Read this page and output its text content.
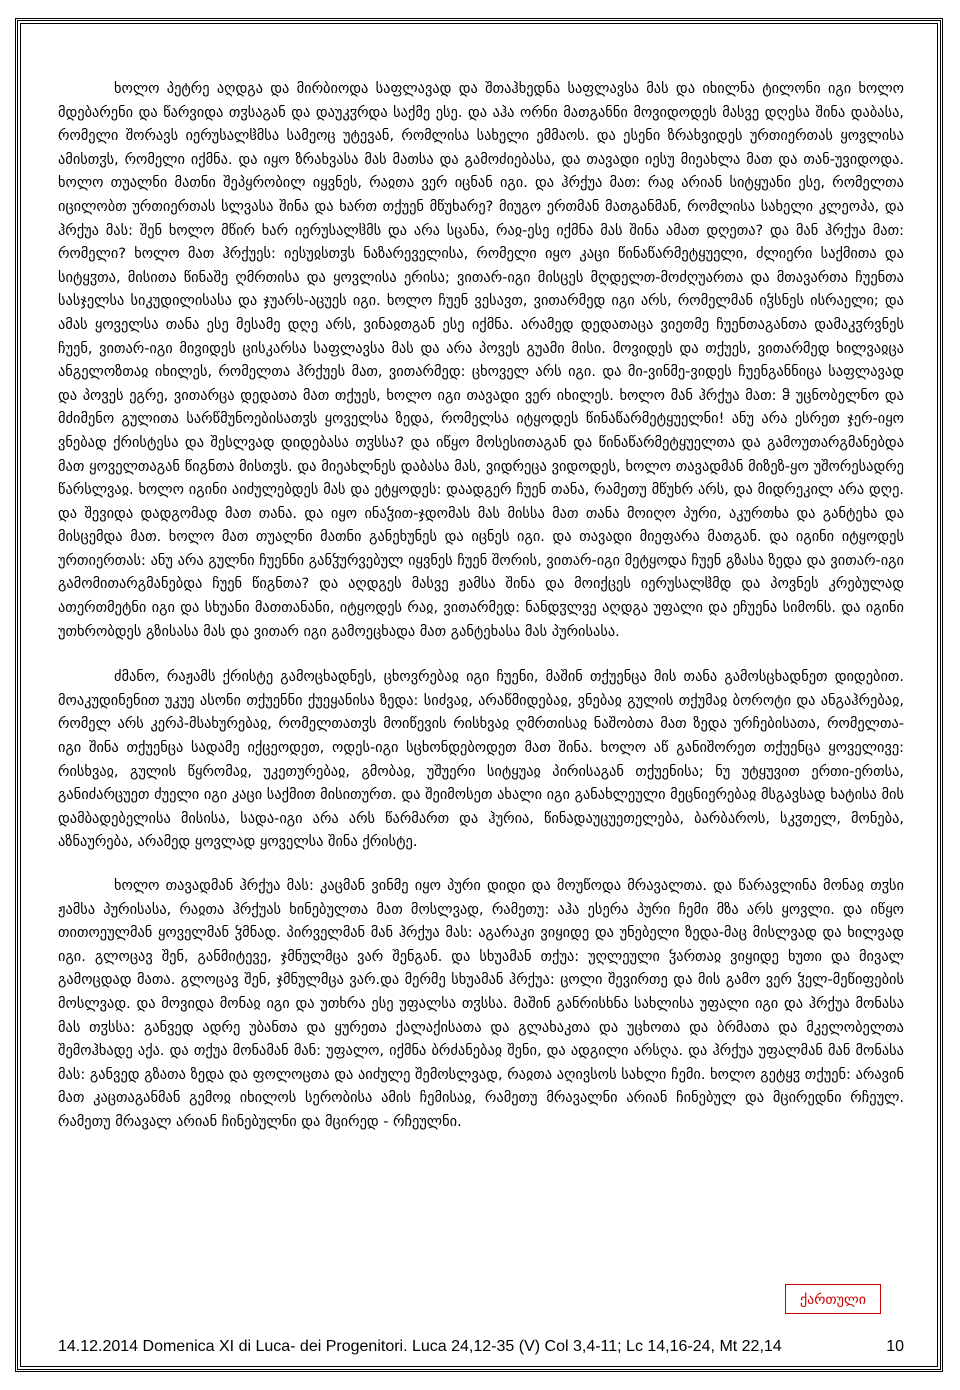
ხოლო პეტრე აღდგა და მირბიოდა საფლავად და შთაჰხედნა საფლავსა მას და იხილნა ტილონი იგი ხოლო მდებარენი და წარვიდა თჳსაგან და დაუკჳრდა საქმე ესე. და აჰა ორნი მათგანნი მოვიდოდეს მასვე დღესა შინა დაბასა, რომელი შორავს იერუსალჱმსა სამეოც უტევან, რომლისა სახელი ემმაოს. და ესენი ზრახვიდეს ურთიერთას ყოვლისა ამისთჳს, რომელი იქმნა. და იყო ზრახვასა მას მათსა და გამოძიებასა, და თავადი იესუ მიეახლა მათ და თან-უვიდოდა. ხოლო თუალნი მათნი შეპყრობილ იყვნეს, რაჲთა ვერ იცნან იგი. და ჰრქუა მათ: რაჲ არიან სიტყუანი ესე, რომელთა იცილობთ ურთიერთას სლვასა შინა და ხართ თქუენ მწუხარე? მიუგო ერთმან მათგანმან, რომლისა სახელი კლეოპა, და ჰრქუა მას: შენ ხოლო მწირ ხარ იერუსალჱმს და არა სცანა, რაჲ-ესე იქმნა მას შინა ამათ დღეთა? და მან ჰრქუა მათ: რომელი? ხოლო მათ ჰრქუეს: იესუჲსთჳს ნაზარეველისა, რომელი იყო კაცი წინაწარმეტყუელი, ძლიერი საქმითა და სიტყჳთა, მისითა წინაშე ღმრთისა და ყოვლისა ერისა; ვითარ-იგი მისცეს მღდელთ-მოძღუართა და მთავართა ჩუენთა სასჯელსა სიკუდილისასა და ჯუარს-აცუეს იგი. ხოლო ჩუენ ვესავთ, ვითარმედ იგი არს, რომელმან იჴსნეს ისრაელი; და ამას ყოველსა თანა ესე მესამე დღე არს, ვინაჲთგან ესე იქმნა. არამედ დედათაცა ვიეთმე ჩუენთაგანთა დამაკჳრვნეს ჩუენ, ვითარ-იგი მივიდეს ცისკარსა საფლავსა მას და არა პოვეს გუამი მისი. მოვიდეს და თქუეს, ვითარმედ ხილვაჲცა ანგელოზთაჲ იხილეს, რომელთა ჰრქუეს მათ, ვითარმედ: ცხოველ არს იგი. და მი-ვინმე-ვიდეს ჩუენგანნიცა საფლავად და პოვეს ეგრე, ვითარცა დედათა მათ თქუეს, ხოლო იგი თავადი ვერ იხილეს. ხოლო მან ჰრქუა მათ: ჵ უცნობელნო და მძიმენო გულითა სარწმუნოებისათჳს ყოველსა ზედა, რომელსა იტყოდეს წინაწარმეტყუელნი! ანუ არა ესრეთ ჯერ-იყო ვნებად ქრისტესა და შესლვად დიდებასა თჳსსა? და იწყო მოსესითაგან და წინაწარმეტყუელთა და გამოუთარგმანებდა მათ ყოველთაგან წიგნთა მისთჳს. და მიეახლნეს დაბასა მას, ვიდრეცა ვიდოდეს, ხოლო თავადმან მიზეზ-ყო უშორესადრე წარსლვაჲ. ხოლო იგინი აიძულებდეს მას და ეტყოდეს: დაადგერ ჩუენ თანა, რამეთუ მწუხრ არს, და მიდრეკილ არა დღე. და შევიდა დადგომად მათ თანა. და იყო ინაჴით-ჯდომას მას მისსა მათ თანა მოიღო პური, აკურთხა და განტეხა და მისცემდა მათ. ხოლო მათ თუალნი მათნი განეხუნეს და იცნეს იგი. და თავადი მიეფარა მათგან. და იგინი იტყოდეს ურთიერთას: ანუ არა გულნი ჩუენნი განჴურვებულ იყვნეს ჩუენ შორის, ვითარ-იგი მეტყოდა ჩუენ გზასა ზედა და ვითარ-იგი გამომითარგმანებდა ჩუენ წიგნთა? და აღდგეს მასვე ჟამსა შინა და მოიქცეს იერუსალჱმდ და პოვნეს კრებულად ათერთმეტნი იგი და სხუანი მათთანანი, იტყოდეს რაჲ, ვითარმედ: ნანდჳლვე აღდგა უფალი და ეჩუენა სიმონს. და იგინი უთხრობდეს გზისასა მას და ვითარ იგი გამოეცხადა მათ განტეხასა მას პურისასა.

ძმანო, რაჟამს ქრისტე გამოცხადნეს, ცხოვრებაჲ იგი ჩუენი, მაშინ თქუენცა მის თანა გამოსცხადნეთ დიდებით. მოაკუდინენით უკუე ასონი თქუენნი ქუეყანისა ზედა: სიძვაჲ, არაწმიდებაჲ, ვნებაჲ გულის თქუმაჲ ბოროტი და ანგაჰრებაჲ, რომელ არს კერპ-მსახურებაჲ, რომელთათჳს მოიწევის რისხვაჲ ღმრთისაჲ ნაშობთა მათ ზედა ურჩებისათა, რომელთა-იგი შინა თქუენცა სადამე იქცეოდეთ, ოდეს-იგი სცხონდებოდეთ მათ შინა. ხოლო აწ განიშორეთ თქუენცა ყოველივე: რისხვაჲ, გულის წყრომაჲ, უკეთურებაჲ, გმობაჲ, უშუერი სიტყუაჲ პირისაგან თქუენისა; ნუ უტყუვით ერთი-ერთსა, განიძარცუეთ ძუელი იგი კაცი საქმით მისითურთ. და შეიმოსეთ ახალი იგი განახლეული მეცნიერებაჲ მსგავსად ხატისა მის დამბადებელისა მისისა, სადა-იგი არა არს წარმართ და ჰურია, წინადაუცუეთელება, ბარბაროს, სკჳთელ, მონება, აზნაურება, არამედ ყოვლად ყოველსა შინა ქრისტე.

ხოლო თავადმან ჰრქუა მას: კაცმან ვინმე იყო პური დიდი და მოუწოდა მრავალთა. და წარავლინა მონაჲ თჳსი ჟამსა პურისასა, რაჲთა ჰრქუას ხინებულთა მათ მოსლვად, რამეთუ: აჰა ესერა პური ჩემი მზა არს ყოვლი. და იწყო თითოეულმან ყოველმან ჴმნად. პირველმან მან ჰრქუა მას: აგარაკი ვიყიდე და უნებელი ზედა-მაც მისლვად და ხილვად იგი. გლოცავ შენ, განმიტევე, ჯმნულმცა ვარ შენგან. და სხუამან თქუა: უღლეული ჴართაჲ ვიყიდე ხუთი და მივალ გამოცდად მათა. გლოცავ შენ, ჯმნულმცა ვარ.და მერმე სხუამან ჰრქუა: ცოლი შევირთე და მის გამო ვერ ჴელ-მეწიფების მოსლვად. და მოვიდა მონაჲ იგი და უთხრა ესე უფალსა თჳსსა. მაშინ განრისხნა სახლისა უფალი იგი და ჰრქუა მონასა მას თჳსსა: განვედ ადრე უბანთა და ყურეთა ქალაქისათა და გლახაკთა და უცხოთა და ბრმათა და მკელობელთა შემოჰხადე აქა. და თქუა მონამან მან: უფალო, იქმნა ბრძანებაჲ შენი, და ადგილი არსღა. და ჰრქუა უფალმან მან მონასა მას: განვედ გზათა ზედა და ფოლოცთა და აიძულე შემოსლვად, რაჲთა აღივსოს სახლი ჩემი. ხოლო გეტყჳ თქუენ: არავინ მათ კაცთაგანმან გემოჲ იხილოს სერობისა ამის ჩემისაჲ, რამეთუ მრავალნი არიან ჩინებულ და მცირედნი რჩეულ. რამეთუ მრავალ არიან ჩინებულნი და მცირედ - რჩეულნი.

ქართული
14.12.2014 Domenica XI di Luca- dei Progenitori. Luca 24,12-35 (V) Col 3,4-11; Lc 14,16-24, Mt 22,14	10
